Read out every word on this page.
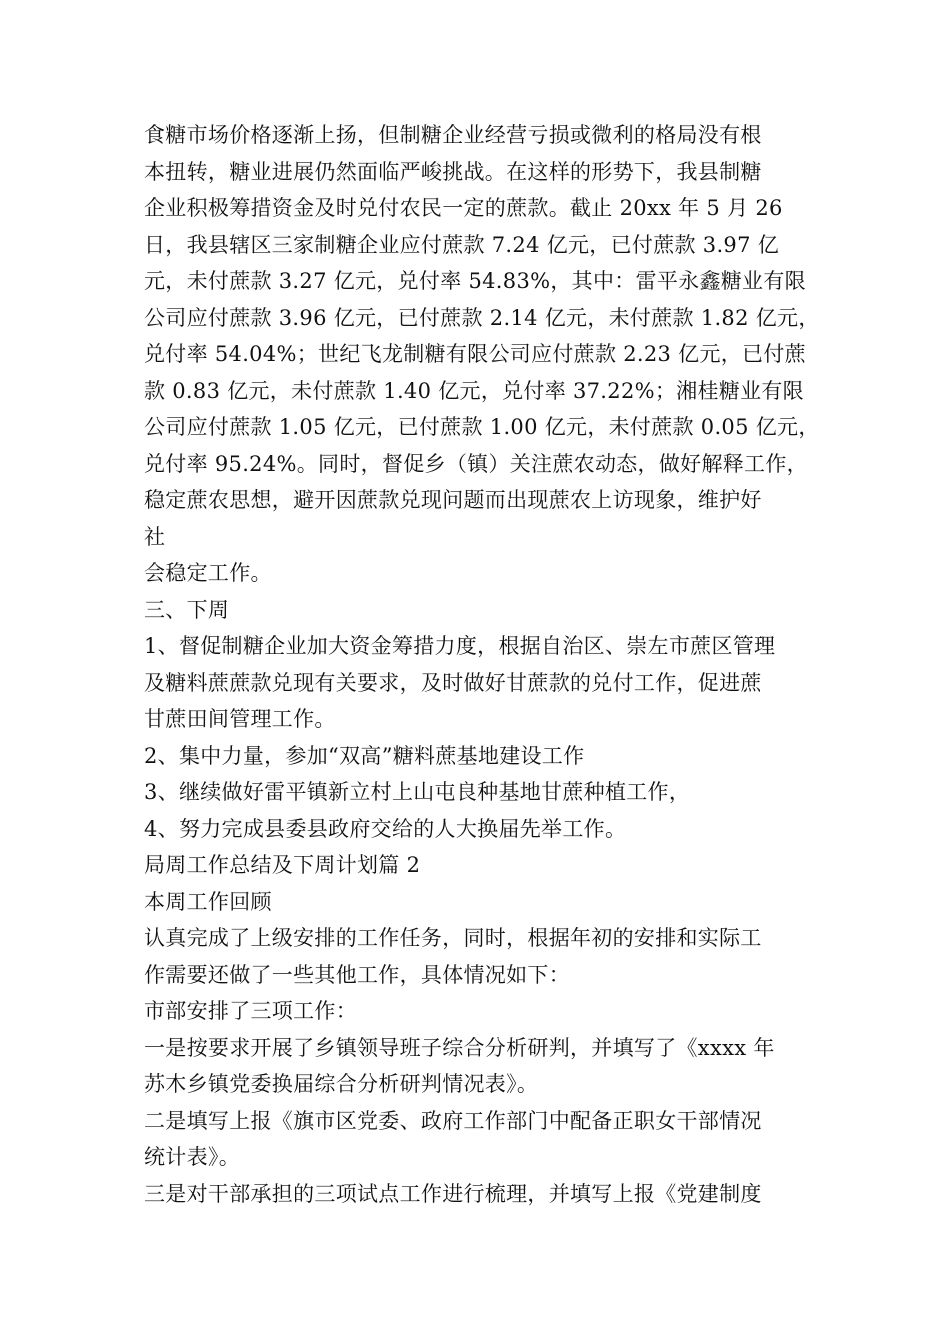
食糖市场价格逐渐上扬，但制糖企业经营亏损或微利的格局没有根
本扭转，糖业进展仍然面临严峻挑战。在这样的形势下，我县制糖
企业积极筹措资金及时兑付农民一定的蔗款。截止 20xx 年 5 月 26
日，我县辖区三家制糖企业应付蔗款 7.24 亿元，已付蔗款 3.97 亿
元，未付蔗款 3.27 亿元，兑付率 54.83%，其中：雷平永鑫糖业有限
公司应付蔗款 3.96 亿元，已付蔗款 2.14 亿元，未付蔗款 1.82 亿元，
兑付率 54.04%；世纪飞龙制糖有限公司应付蔗款 2.23 亿元，已付蔗
款 0.83 亿元，未付蔗款 1.40 亿元，兑付率 37.22%；湘桂糖业有限
公司应付蔗款 1.05 亿元，已付蔗款 1.00 亿元，未付蔗款 0.05 亿元，
兑付率 95.24%。同时，督促乡（镇）关注蔗农动态，做好解释工作，
稳定蔗农思想，避开因蔗款兑现问题而出现蔗农上访现象，维护好
社
会稳定工作。
三、下周
1、督促制糖企业加大资金筹措力度，根据自治区、崇左市蔗区管理
及糖料蔗蔗款兑现有关要求，及时做好甘蔗款的兑付工作，促进蔗
甘蔗田间管理工作。
2、集中力量，参加“双高”糖料蔗基地建设工作
3、继续做好雷平镇新立村上山屯良种基地甘蔗种植工作，
4、努力完成县委县政府交给的人大换届先举工作。
局周工作总结及下周计划篇 2
本周工作回顾
认真完成了上级安排的工作任务，同时，根据年初的安排和实际工
作需要还做了一些其他工作，具体情况如下：
市部安排了三项工作：
一是按要求开展了乡镇领导班子综合分析研判，并填写了《xxxx 年
苏木乡镇党委换届综合分析研判情况表》。
二是填写上报《旗市区党委、政府工作部门中配备正职女干部情况
统计表》。
三是对干部承担的三项试点工作进行梳理，并填写上报《党建制度
